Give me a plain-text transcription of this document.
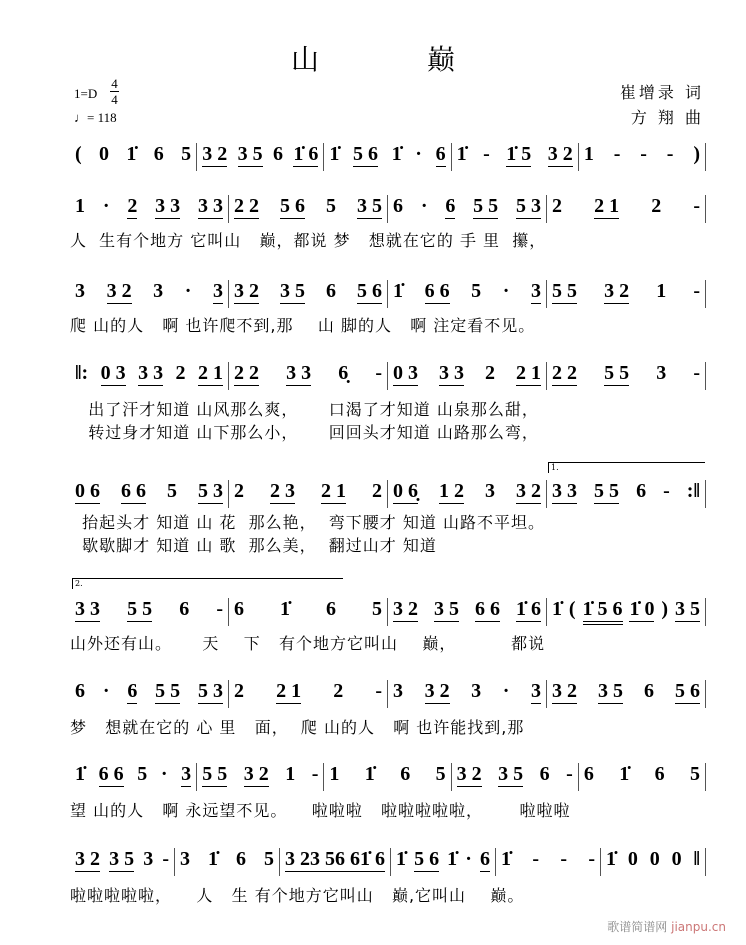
山　巅
1=D
4
4
♩= 118
崔增录 词
方 翔 曲
1.
2.
( 0 1̇ 6 5 3 2 3 5 6 1̇ 6 1̇ 5 6 1̇ · 6 1̇ - 1̇ 5 3 2 1 - - - )
1 · 2 3 3 3 3 2 2 5 6 5 3 5 6 · 6 5 5 5 3 2 2 1 2 -
人  生有个地方 它叫山   巅，都说 梦   想就在它的 手 里  攥，
3 3 2 3 · 3 3 2 3 5 6 5 6 1̇ 6 6 5 · 3 5 5 3 2 1 -
爬 山的人   啊 也许爬不到,那    山 脚的人   啊 注定看不见。
‖: 0 3 3 3 2 2 1 2 2 3 3 6̣ - 0 3 3 3 2 2 1 2 2 5 5 3 -
出了汗才知道 山风那么爽，     口渴了才知道 山泉那么甜，
转过身才知道 山下那么小，     回回头才知道 山路那么弯，
0 6 6 6 5 5 3 2 2 3 2 1 2 0 6̣ 1 2 3 3 2 3 3 5 5 6 - :‖
抬起头才 知道 山 花  那么艳，  弯下腰才 知道 山路不平坦。
歇歇脚才 知道 山 歌  那么美，  翻过山才 知道
3 3 5 5 6 - 6 1̇ 6 5 3 2 3 5 6 6 1̇ 6 1̇ ( 1̇ 5 6 1̇ 0 ) 3 5
山外还有山。     天    下   有个地方它叫山    巅，         都说
6 · 6 5 5 5 3 2 2 1 2 - 3 3 2 3 · 3 3 2 3 5 6 5 6
梦   想就在它的 心 里   面，  爬 山的人   啊 也许能找到,那
1̇ 6 6 5 · 3 5 5 3 2 1 - 1 1̇ 6 5 3 2 3 5 6 - 6 1̇ 6 5
望 山的人   啊 永远望不见。    啦啦啦   啦啦啦啦啦，      啦啦啦
3 2 3 5 3 - 3 1̇ 6 5 3 2 3 5 6 6 1̇ 6 1̇ 5 6 1̇ · 6 1̇ - - - 1̇ 0 0 0 ‖
啦啦啦啦啦，    人   生 有个地方它叫山   巅,它叫山    巅。
歌谱简谱网 jianpu.cn
